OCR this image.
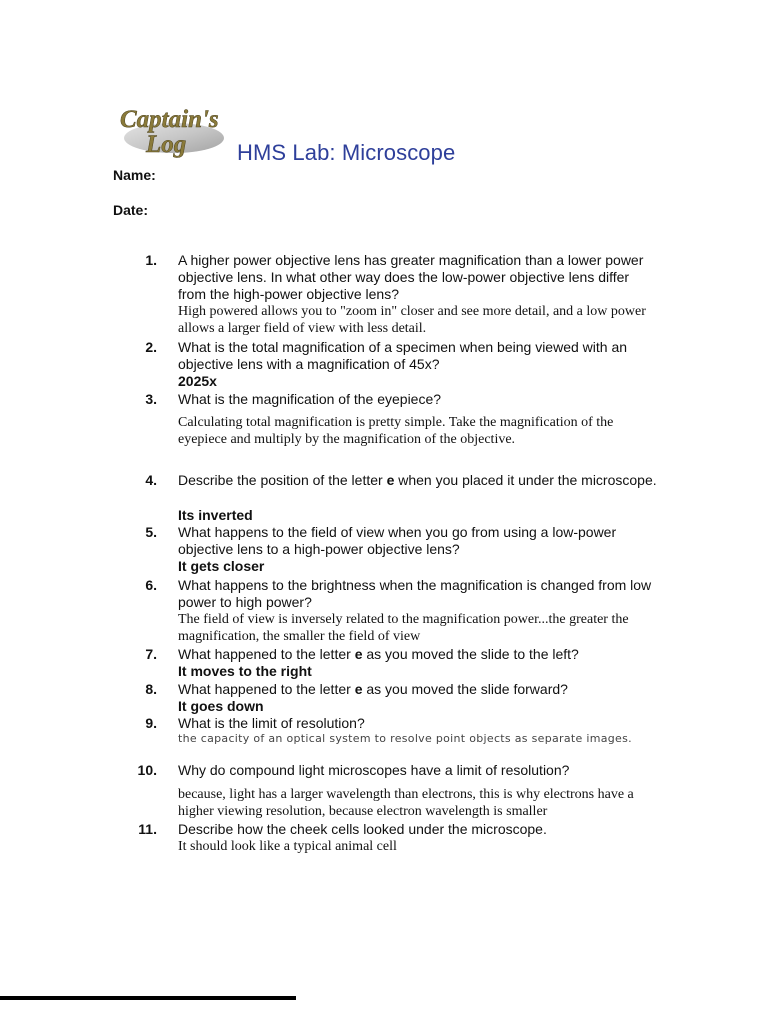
Captain's
Log HMS Lab: Microscope
Name:
Date:
1. A higher power objective lens has greater magnification than a lower power objective lens. In what other way does the low-power objective lens differ from the high-power objective lens?
High powered allows you to "zoom in" closer and see more detail, and a low power allows a larger field of view with less detail.
2. What is the total magnification of a specimen when being viewed with an objective lens with a magnification of 45x?
2025x
3. What is the magnification of the eyepiece?
Calculating total magnification is pretty simple. Take the magnification of the eyepiece and multiply by the magnification of the objective.
4. Describe the position of the letter e when you placed it under the microscope.
Its inverted
5. What happens to the field of view when you go from using a low-power objective lens to a high-power objective lens?
It gets closer
6. What happens to the brightness when the magnification is changed from low power to high power?
The field of view is inversely related to the magnification power...the greater the magnification, the smaller the field of view
7. What happened to the letter e as you moved the slide to the left?
It moves to the right
8. What happened to the letter e as you moved the slide forward?
It goes down
9. What is the limit of resolution?
the capacity of an optical system to resolve point objects as separate images.
10. Why do compound light microscopes have a limit of resolution?
because, light has a larger wavelength than electrons, this is why electrons have a higher viewing resolution, because electron wavelength is smaller
11. Describe how the cheek cells looked under the microscope.
It should look like a typical animal cell
